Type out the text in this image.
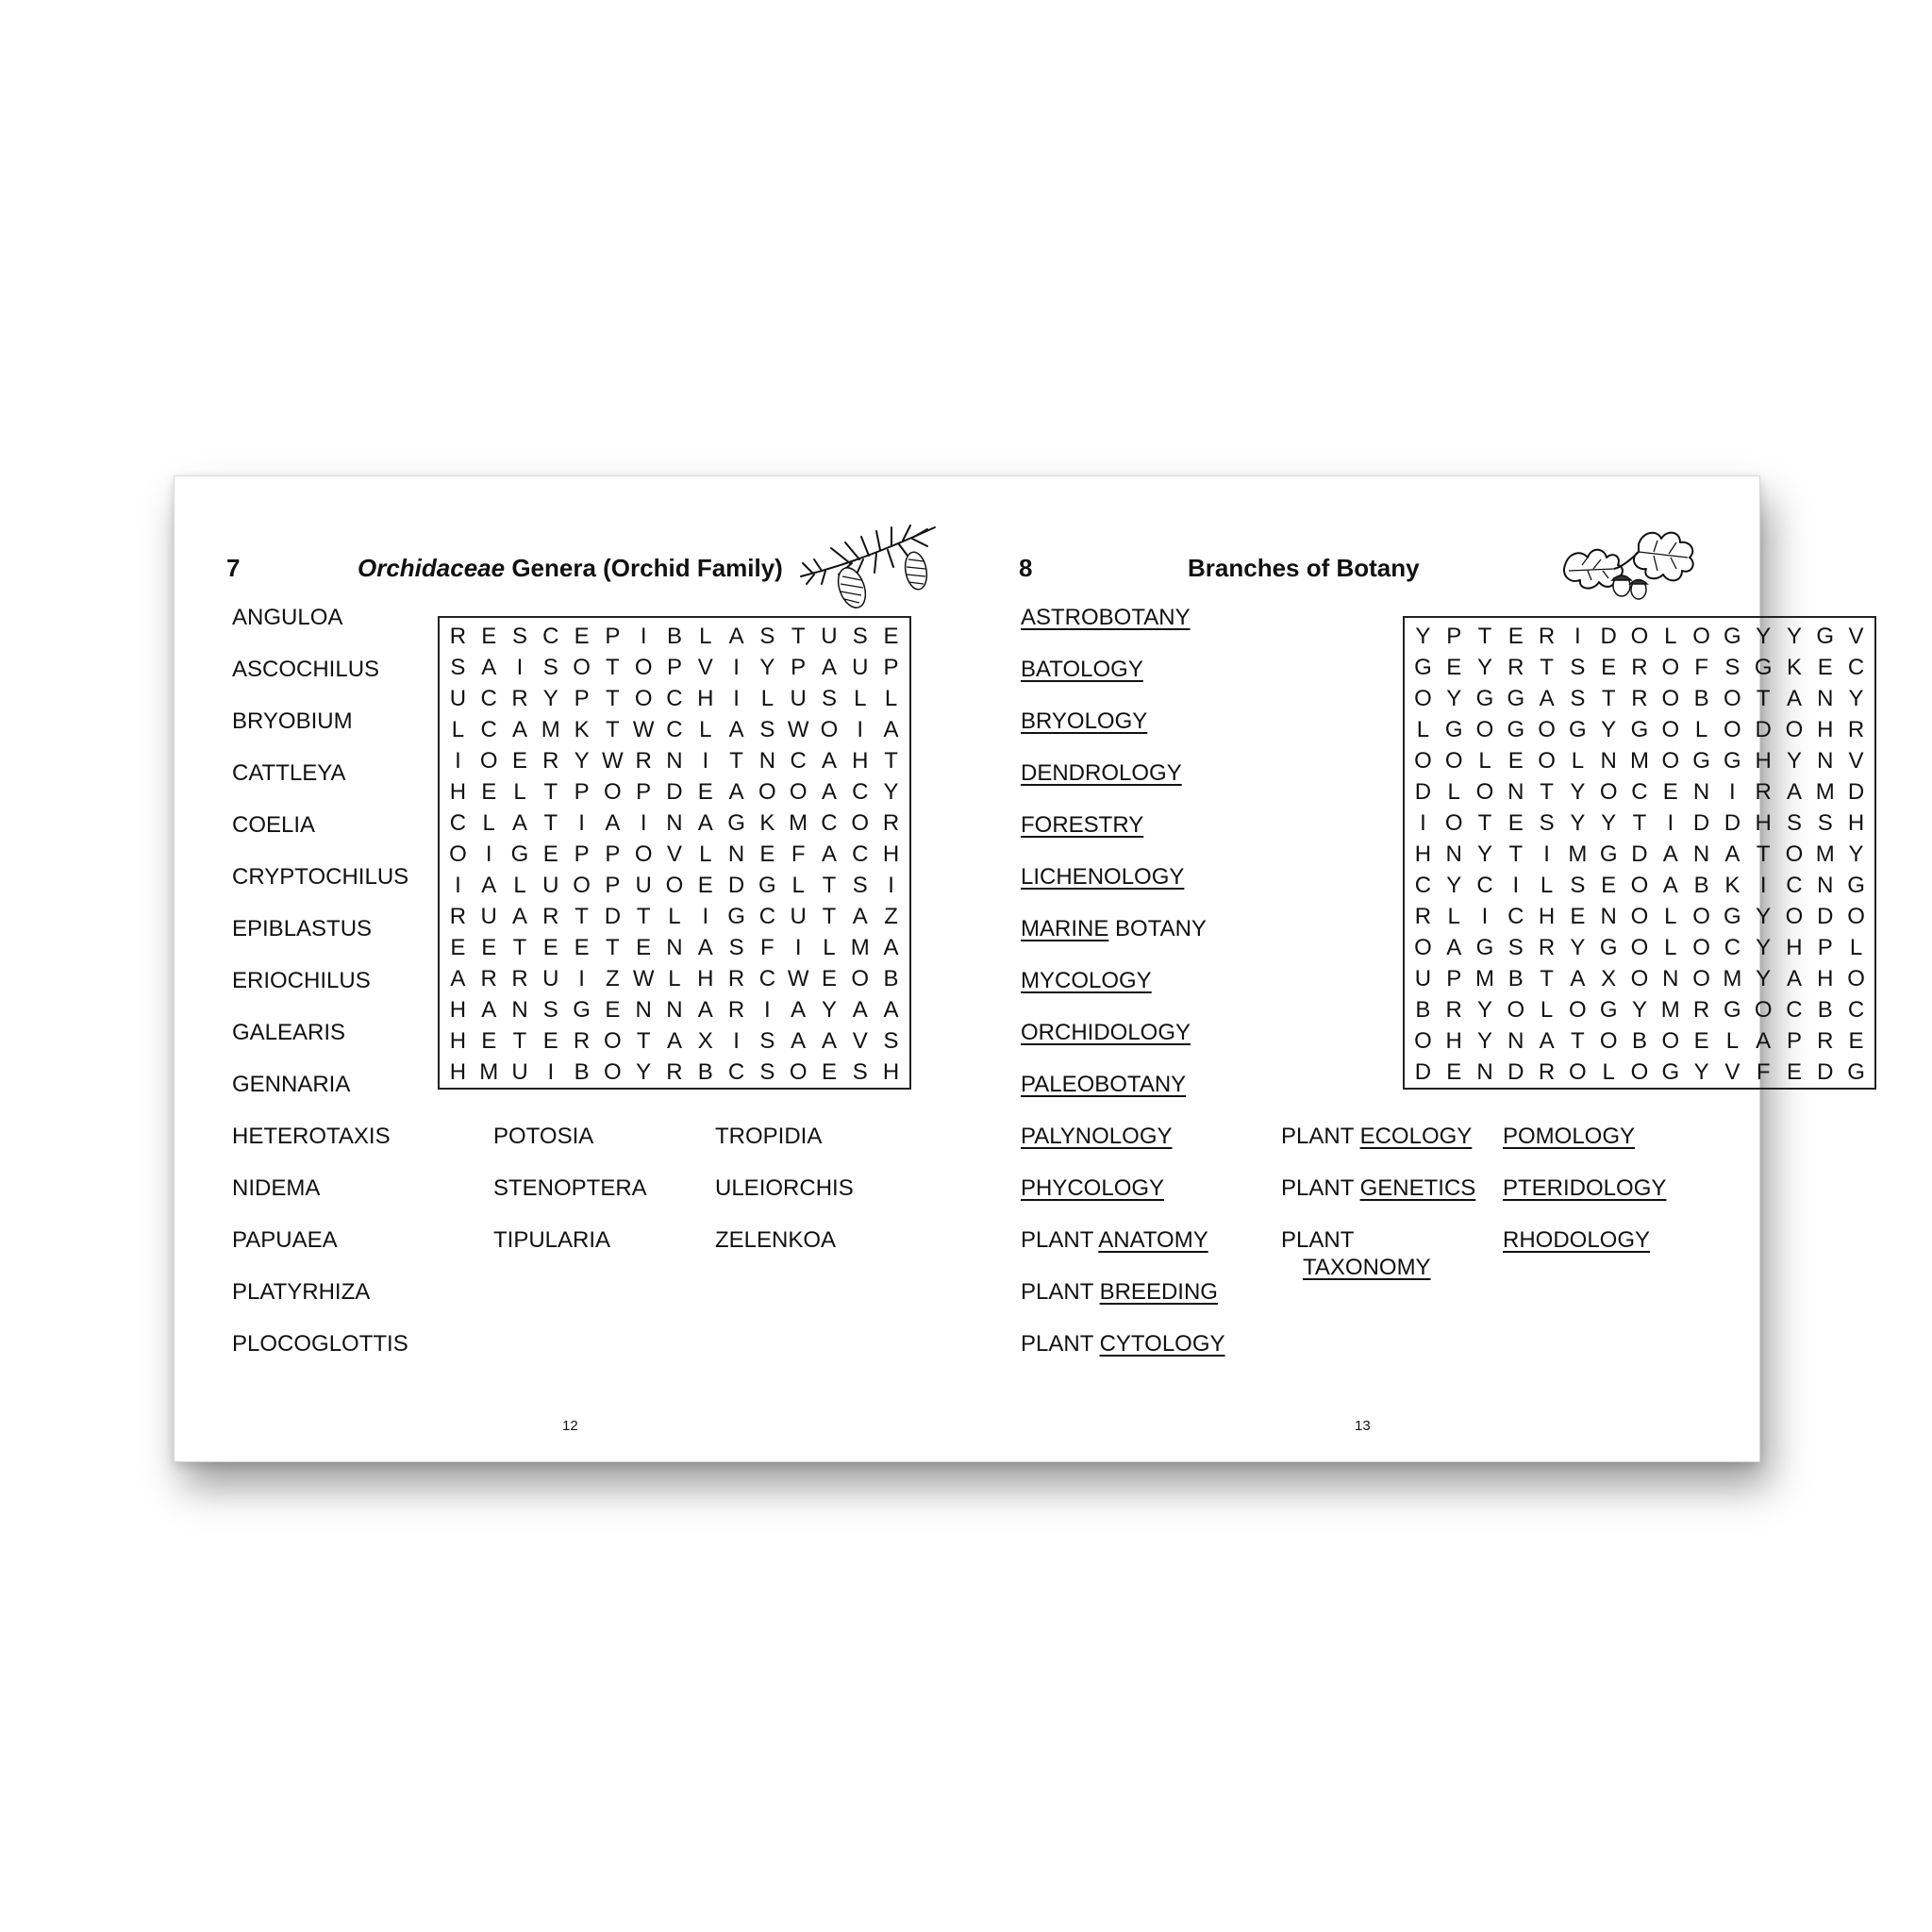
7	Orchidaceae Genera (Orchid Family)
ANGULOA
ASCOCHILUS
BRYOBIUM
CATTLEYA
COELIA
CRYPTOCHILUS
EPIBLASTUS
ERIOCHILUS
GALEARIS
GENNARIA
HETEROTAXIS
NIDEMA
PAPUAEA
PLATYRHIZA
PLOCOGLOTTIS
R E S C E P I B L A S T U S E
S A I S O T O P V I Y P A U P
U C R Y P T O C H I L U S L L
L C A M K T W C L A S W O I A
I O E R Y W R N I T N C A H T
H E L T P O P D E A O O A C Y
C L A T I A I N A G K M C O R
O I G E P P O V L N E F A C H
I A L U O P U O E D G L T S I
R U A R T D T L I G C U T A Z
E E T E E T E N A S F I L M A
A R R U I Z W L H R C W E O B
H A N S G E N N A R I A Y A A
H E T E R O T A X I S A A V S
H M U I B O Y R B C S O E S H
POTOSIA
STENOPTERA
TIPULARIA
TROPIDIA
ULEIORCHIS
ZELENKOA
12
8	Branches of Botany
ASTROBOTANY
BATOLOGY
BRYOLOGY
DENDROLOGY
FORESTRY
LICHENOLOGY
MARINE BOTANY
MYCOLOGY
ORCHIDOLOGY
PALEOBOTANY
PALYNOLOGY
PHYCOLOGY
PLANT ANATOMY
PLANT BREEDING
PLANT CYTOLOGY
Y P T E R I D O L O G Y Y G V
G E Y R T S E R O F S G K E C
O Y G G A S T R O B O T A N Y
L G O G O G Y G O L O D O H R
O O L E O L N M O G G H Y N V
D L O N T Y O C E N I R A M D
I O T E S Y Y T I D D H S S H
H N Y T I M G D A N A T O M Y
C Y C I L S E O A B K I C N G
R L I C H E N O L O G Y O D O
O A G S R Y G O L O C Y H P L
U P M B T A X O N O M Y A H O
B R Y O L O G Y M R G O C B C
O H Y N A T O B O E L A P R E
D E N D R O L O G Y V F E D G
PLANT ECOLOGY
PLANT GENETICS
PLANT
TAXONOMY
POMOLOGY
PTERIDOLOGY
RHODOLOGY
13
